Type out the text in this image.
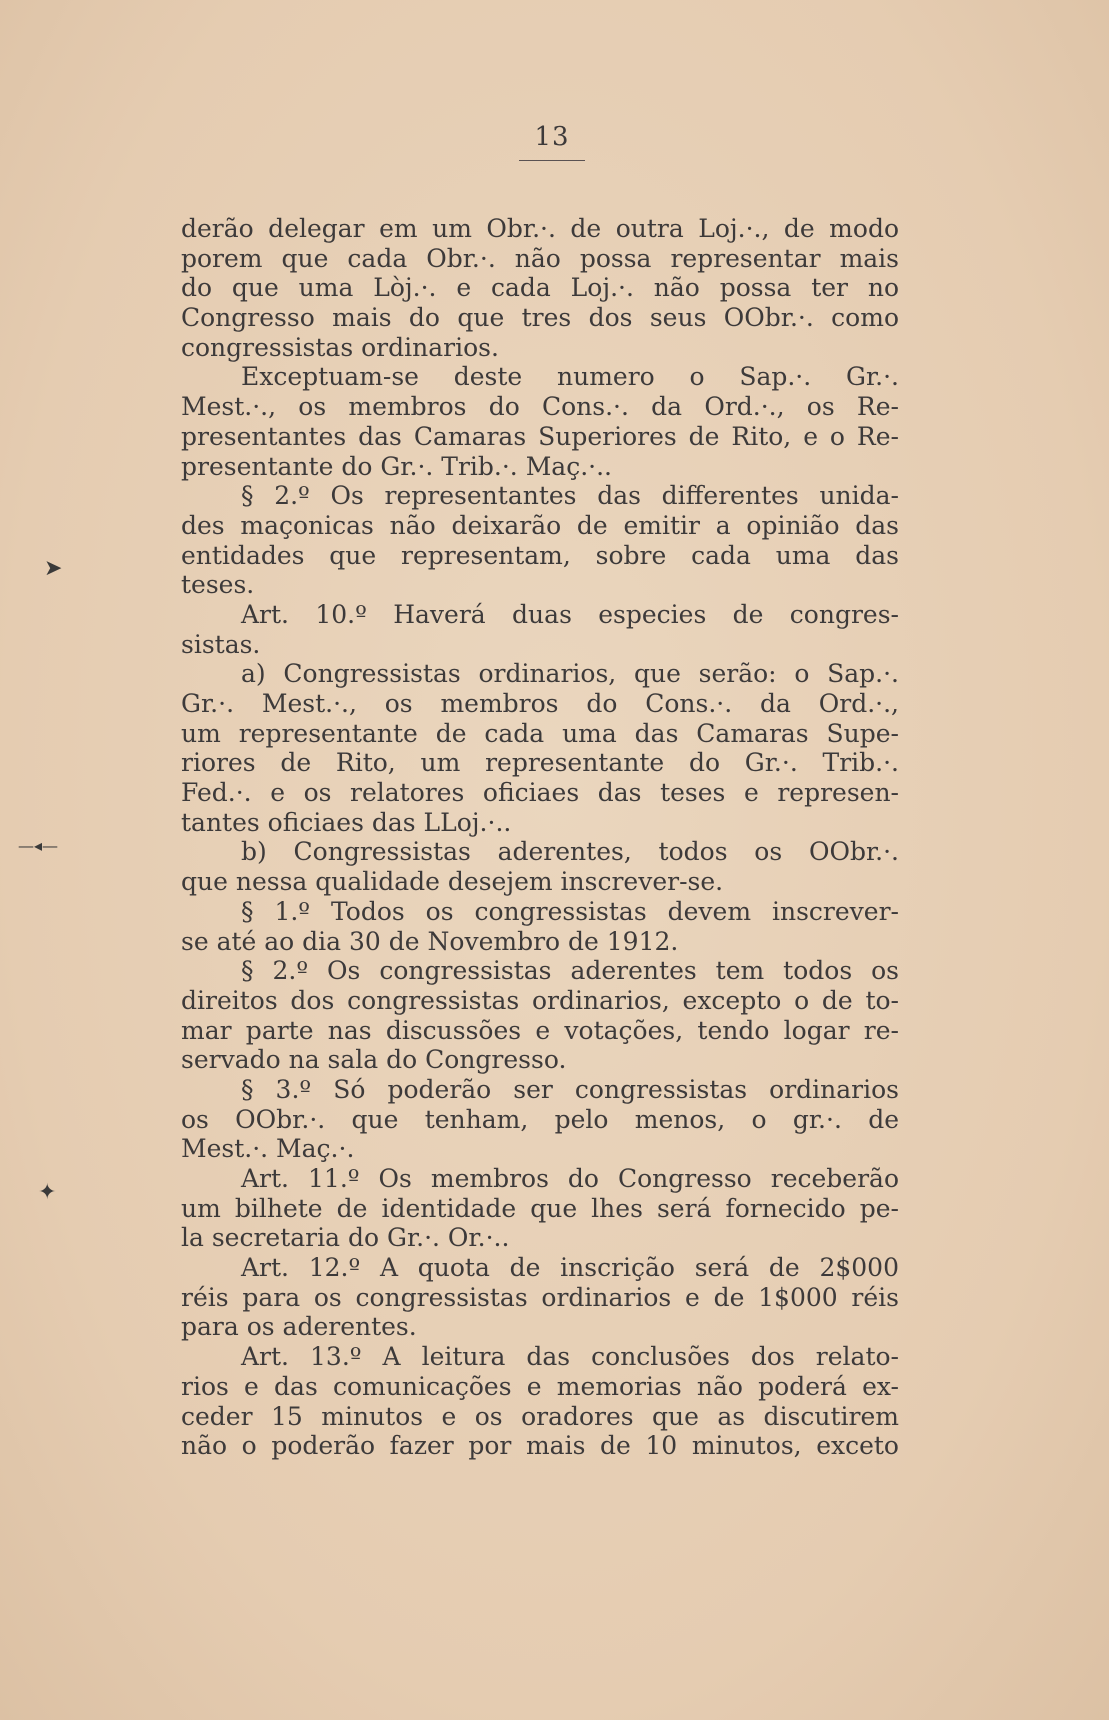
13
derão delegar em um Obr.·. de outra Loj.·., de modo
porem que cada Obr.·. não possa representar mais
do que uma Lòj.·. e cada Loj.·. não possa ter no
Congresso mais do que tres dos seus OObr.·. como
congressistas ordinarios.
Exceptuam-se deste numero o Sap.·. Gr.·.
Mest.·., os membros do Cons.·. da Ord.·., os Re-
presentantes das Camaras Superiores de Rito, e o Re-
presentante do Gr.·. Trib.·. Maç.·..
§ 2.º Os representantes das differentes unida-
des maçonicas não deixarão de emitir a opinião das
entidades que representam, sobre cada uma das
teses.
Art. 10.º Haverá duas especies de congres-
sistas.
a) Congressistas ordinarios, que serão: o Sap.·.
Gr.·. Mest.·., os membros do Cons.·. da Ord.·.,
um representante de cada uma das Camaras Supe-
riores de Rito, um representante do Gr.·. Trib.·.
Fed.·. e os relatores oficiaes das teses e represen-
tantes oficiaes das LLoj.·..
b) Congressistas aderentes, todos os OObr.·.
que nessa qualidade desejem inscrever-se.
§ 1.º Todos os congressistas devem inscrever-
se até ao dia 30 de Novembro de 1912.
§ 2.º Os congressistas aderentes tem todos os
direitos dos congressistas ordinarios, excepto o de to-
mar parte nas discussões e votações, tendo logar re-
servado na sala do Congresso.
§ 3.º Só poderão ser congressistas ordinarios
os OObr.·. que tenham, pelo menos, o gr.·. de
Mest.·. Maç.·.
Art. 11.º Os membros do Congresso receberão
um bilhete de identidade que lhes será fornecido pe-
la secretaria do Gr.·. Or.·..
Art. 12.º A quota de inscrição será de 2$000
réis para os congressistas ordinarios e de 1$000 réis
para os aderentes.
Art. 13.º A leitura das conclusões dos relato-
rios e das comunicações e memorias não poderá ex-
ceder 15 minutos e os oradores que as discutirem
não o poderão fazer por mais de 10 minutos, exceto
➤
✦
—◂—
